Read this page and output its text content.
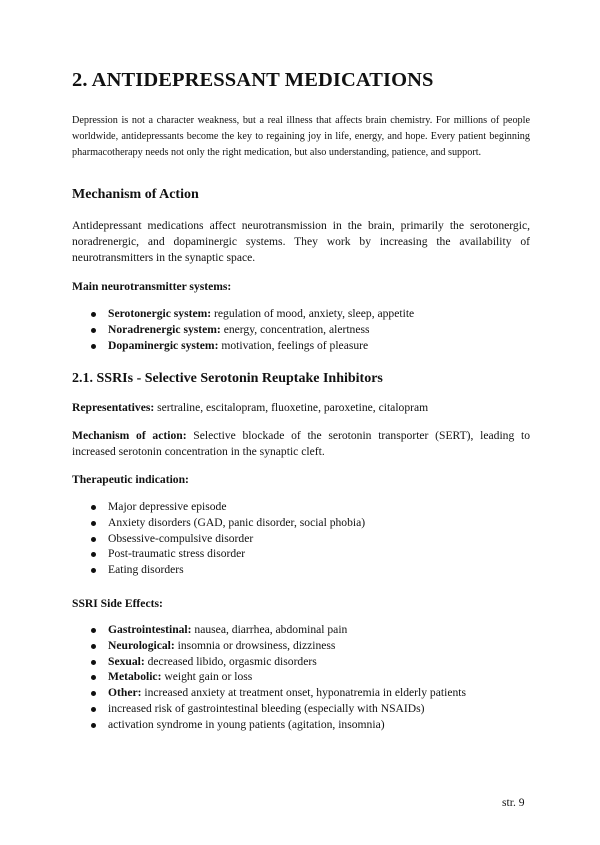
2. ANTIDEPRESSANT MEDICATIONS

Depression is not a character weakness, but a real illness that affects brain chemistry. For millions of people worldwide, antidepressants become the key to regaining joy in life, energy, and hope. Every patient beginning pharmacotherapy needs not only the right medication, but also understanding, patience, and support.

Mechanism of Action

Antidepressant medications affect neurotransmission in the brain, primarily the serotonergic, noradrenergic, and dopaminergic systems. They work by increasing the availability of neurotransmitters in the synaptic space.

Main neurotransmitter systems:

Serotonergic system: regulation of mood, anxiety, sleep, appetite
Noradrenergic system: energy, concentration, alertness
Dopaminergic system: motivation, feelings of pleasure
2.1. SSRIs - Selective Serotonin Reuptake Inhibitors

Representatives: sertraline, escitalopram, fluoxetine, paroxetine, citalopram

Mechanism of action: Selective blockade of the serotonin transporter (SERT), leading to increased serotonin concentration in the synaptic cleft.

Therapeutic indication:

Major depressive episode
Anxiety disorders (GAD, panic disorder, social phobia)
Obsessive-compulsive disorder
Post-traumatic stress disorder
Eating disorders

SSRI Side Effects:

Gastrointestinal: nausea, diarrhea, abdominal pain
Neurological: insomnia or drowsiness, dizziness
Sexual: decreased libido, orgasmic disorders
Metabolic: weight gain or loss
Other: increased anxiety at treatment onset, hyponatremia in elderly patients
increased risk of gastrointestinal bleeding (especially with NSAIDs)
activation syndrome in young patients (agitation, insomnia)
str. 9
